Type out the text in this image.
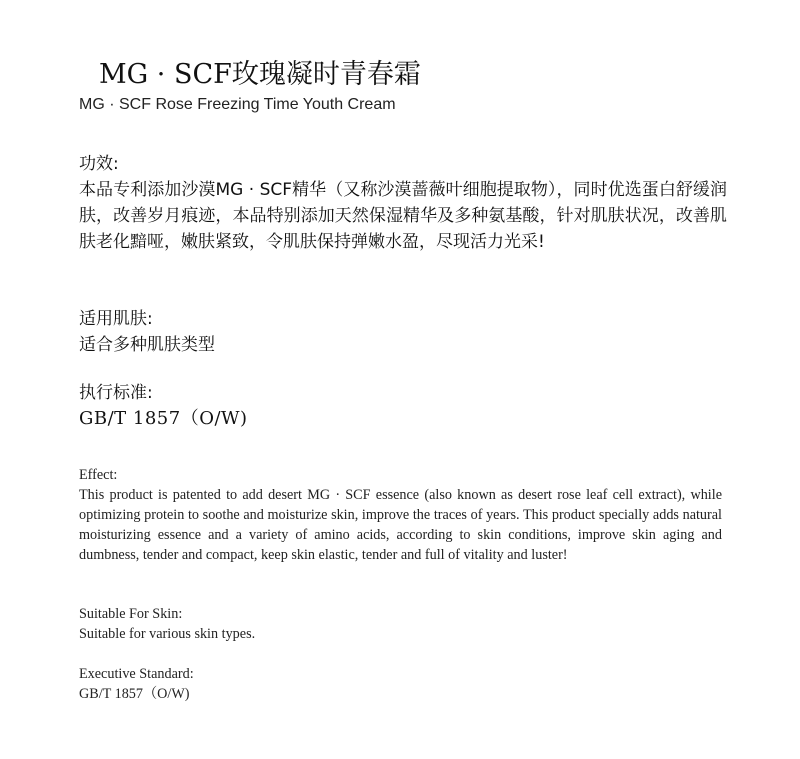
MG · SCF玫瑰凝时青春霜
MG · SCF Rose Freezing Time Youth Cream
功效:
本品专利添加沙漠MG · SCF精华（又称沙漠蔷薇叶细胞提取物），同时优选蛋白舒缓润肤，改善岁月痕迹，本品特别添加天然保湿精华及多种氨基酸，针对肌肤状况，改善肌肤老化黯哑，嫩肤紧致，令肌肤保持弹嫩水盈，尽现活力光采!
适用肌肤:
适合多种肌肤类型
执行标准:
GB/T 1857（O/W)
Effect:
This product is patented to add desert MG · SCF essence (also known as desert rose leaf cell extract), while optimizing protein to soothe and moisturize skin, improve the traces of years. This product specially adds natural moisturizing essence and a variety of amino acids, according to skin conditions, improve skin aging and dumbness, tender and compact, keep skin elastic, tender and full of vitality and luster!
Suitable For Skin:
Suitable for various skin types.
Executive Standard:
GB/T 1857（O/W)
